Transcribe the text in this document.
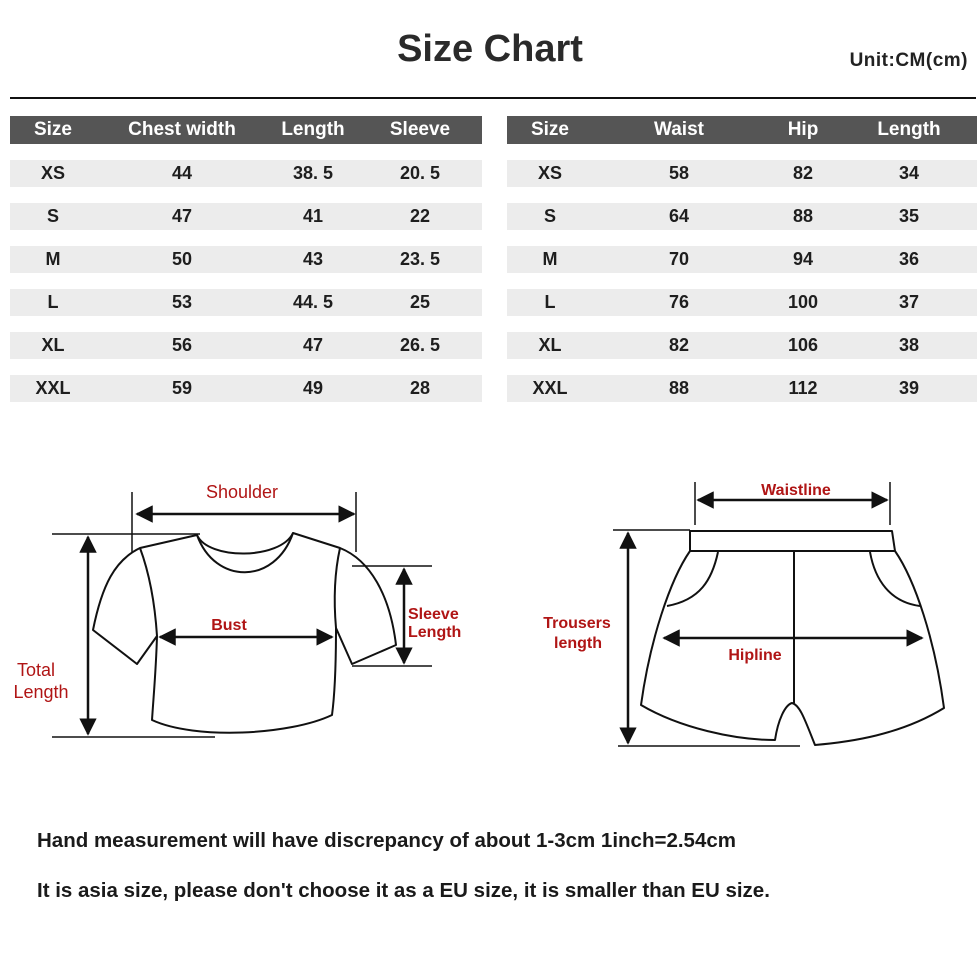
Size Chart	Unit:CM(cm)
Size	Chest width	Length	Sleeve
XS	44	38. 5	20. 5
S	47	41	22
M	50	43	23. 5
L	53	44. 5	25
XL	56	47	26. 5
XXL	59	49	28
Size	Waist	Hip	Length
XS	58	82	34
S	64	88	35
M	70	94	36
L	76	100	37
XL	82	106	38
XXL	88	112	39
Shoulder
Bust
Sleeve
Length
Total
Length
Waistline
Hipline
Trousers
length
Hand measurement will have discrepancy of about 1-3cm 1inch=2.54cm
It is asia size, please don't choose it as a EU size, it is smaller than EU size.
